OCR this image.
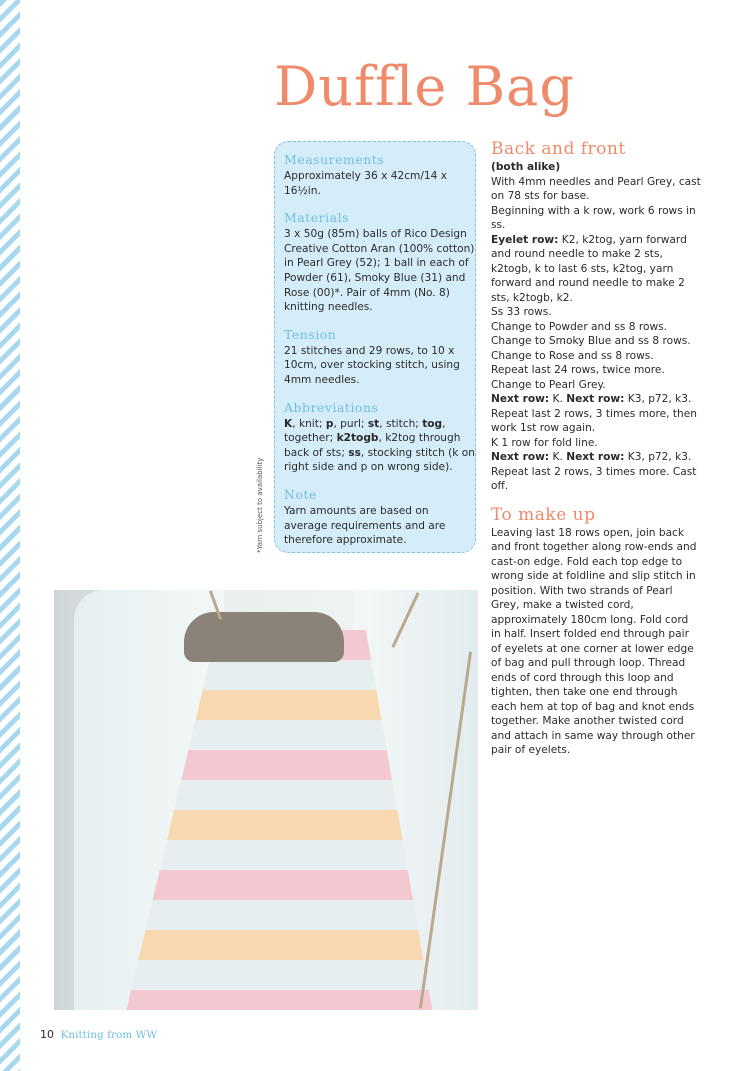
Duffle Bag
Measurements

Approximately 36 x 42cm/14 x 16½in.

Materials

3 x 50g (85m) balls of Rico Design Creative Cotton Aran (100% cotton) in Pearl Grey (52); 1 ball in each of Powder (61), Smoky Blue (31) and Rose (00)*. Pair of 4mm (No. 8) knitting needles.

Tension

21 stitches and 29 rows, to 10 x 10cm, over stocking stitch, using 4mm needles.

Abbreviations

K, knit; p, purl; st, stitch; tog, together; k2togb, k2tog through back of sts; ss, stocking stitch (k on right side and p on wrong side).

Note

Yarn amounts are based on average requirements and are therefore approximate.

*Yarn subject to availability
Back and front
(both alike)

With 4mm needles and Pearl Grey, cast on 78 sts for base.

Beginning with a k row, work 6 rows in ss.

Eyelet row: K2, k2tog, yarn forward and round needle to make 2 sts, k2togb, k to last 6 sts, k2tog, yarn forward and round needle to make 2 sts, k2togb, k2.

Ss 33 rows.

Change to Powder and ss 8 rows.

Change to Smoky Blue and ss 8 rows.

Change to Rose and ss 8 rows.

Repeat last 24 rows, twice more.

Change to Pearl Grey.

Next row: K. Next row: K3, p72, k3.

Repeat last 2 rows, 3 times more, then work 1st row again.

K 1 row for fold line.

Next row: K. Next row: K3, p72, k3.

Repeat last 2 rows, 3 times more. Cast off.

To make up

Leaving last 18 rows open, join back and front together along row-ends and cast-on edge. Fold each top edge to wrong side at foldline and slip stitch in position. With two strands of Pearl Grey, make a twisted cord, approximately 180cm long. Fold cord in half. Insert folded end through pair of eyelets at one corner at lower edge of bag and pull through loop. Thread ends of cord through this loop and tighten, then take one end through each hem at top of bag and knot ends together. Make another twisted cord and attach in same way through other pair of eyelets.

10 Knitting from WW
